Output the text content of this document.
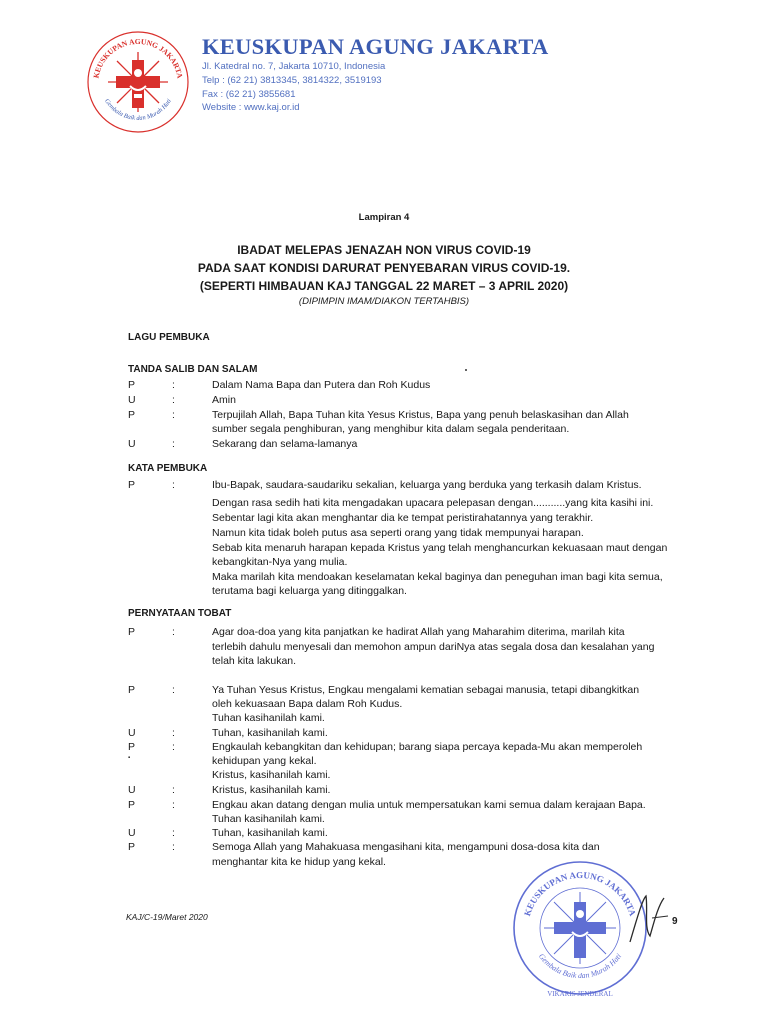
KEUSKUPAN AGUNG JAKARTA
Gembala Baik dan Murah Hati
KEUSKUPAN AGUNG JAKARTA
Jl. Katedral no. 7, Jakarta 10710, Indonesia
Telp : (62 21) 3813345, 3814322, 3519193
Fax : (62 21) 3855681
Website : www.kaj.or.id
Lampiran 4
IBADAT MELEPAS JENAZAH NON VIRUS COVID-19
PADA SAAT KONDISI DARURAT PENYEBARAN VIRUS COVID-19.
(SEPERTI HIMBAUAN KAJ TANGGAL 22 MARET – 3 APRIL 2020)
(DIPIMPIN IMAM/DIAKON TERTAHBIS)
LAGU PEMBUKA
TANDA SALIB DAN SALAM
P	:	Dalam Nama Bapa dan Putera dan Roh Kudus
U	:	Amin
P	:	Terpujilah Allah, Bapa Tuhan kita Yesus Kristus, Bapa yang penuh belaskasihan dan Allah
sumber segala penghiburan, yang menghibur kita dalam segala penderitaan.
U	:	Sekarang dan selama-lamanya
KATA PEMBUKA
P	:	Ibu-Bapak, saudara-saudariku sekalian, keluarga yang berduka yang terkasih dalam Kristus.
Dengan rasa sedih hati kita mengadakan upacara pelepasan dengan...........yang kita kasihi ini.
Sebentar lagi kita akan menghantar dia ke tempat peristirahatannya yang terakhir.
Namun kita tidak boleh putus asa seperti orang yang tidak mempunyai harapan.
Sebab kita menaruh harapan kepada Kristus yang telah menghancurkan kekuasaan maut dengan
kebangkitan-Nya yang mulia.
Maka marilah kita mendoakan keselamatan kekal baginya dan peneguhan iman bagi kita semua,
terutama bagi keluarga yang ditinggalkan.
PERNYATAAN TOBAT
P	:	Agar doa-doa yang kita panjatkan ke hadirat Allah yang Maharahim diterima, marilah kita
terlebih dahulu menyesali dan memohon ampun dariNya atas segala dosa dan kesalahan yang
telah kita lakukan.
P	:	Ya Tuhan Yesus Kristus, Engkau mengalami kematian sebagai manusia, tetapi dibangkitkan
oleh kekuasaan Bapa dalam Roh Kudus.
Tuhan kasihanilah kami.
U	:	Tuhan, kasihanilah kami.
P	:	Engkaulah kebangkitan dan kehidupan; barang siapa percaya kepada-Mu akan memperoleh
▪	kehidupan yang kekal.
Kristus, kasihanilah kami.
U	:	Kristus, kasihanilah kami.
P	:	Engkau akan datang dengan mulia untuk mempersatukan kami semua dalam kerajaan Bapa.
Tuhan kasihanilah kami.
U	:	Tuhan, kasihanilah kami.
P	:	Semoga Allah yang Mahakuasa mengasihani kita, mengampuni dosa-dosa kita dan
menghantar kita ke hidup yang kekal.
KAJ/C-19/Maret 2020	KEUSKUPAN AGUNG JAKARTA
Gembala Baik dan Murah Hati
VIKARIS JENDERAL
9
